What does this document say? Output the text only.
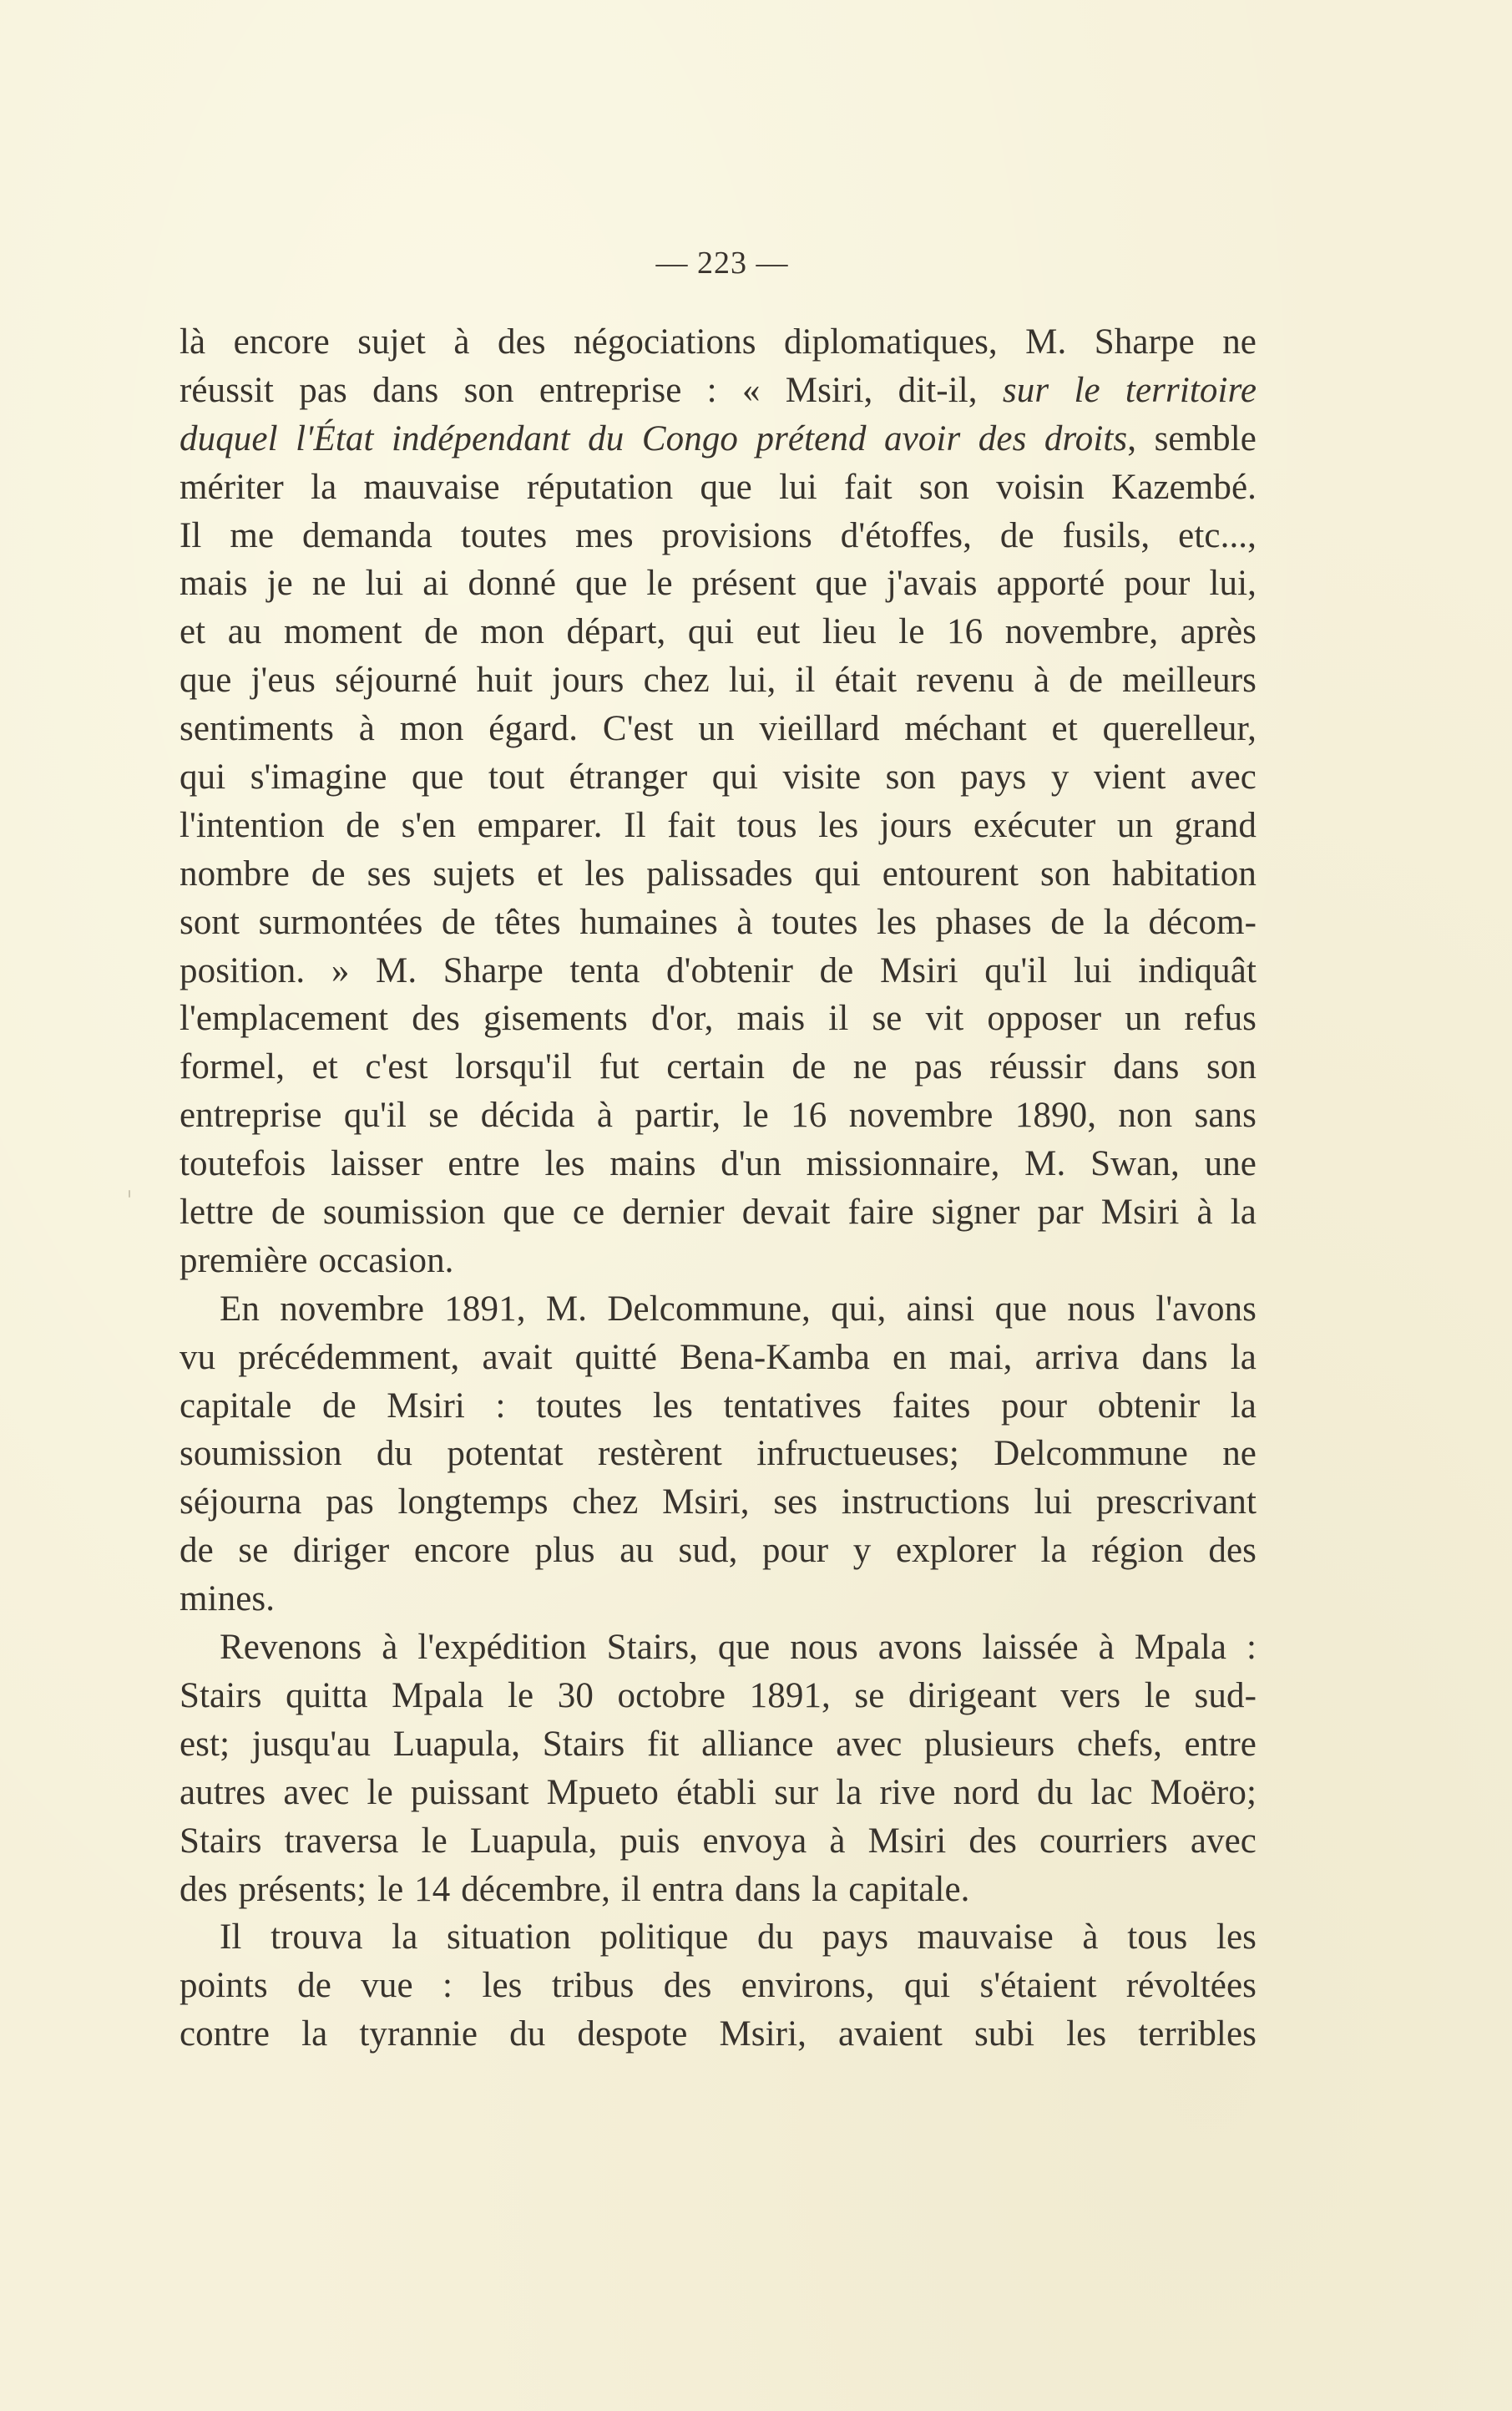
— 223 —
là encore sujet à des négociations diplomatiques, M. Sharpe ne
réussit pas dans son entreprise : « Msiri, dit-il, sur le territoire
duquel l'État indépendant du Congo prétend avoir des droits, semble
mériter la mauvaise réputation que lui fait son voisin Kazembé.
Il me demanda toutes mes provisions d'étoffes, de fusils, etc...,
mais je ne lui ai donné que le présent que j'avais apporté pour lui,
et au moment de mon départ, qui eut lieu le 16 novembre, après
que j'eus séjourné huit jours chez lui, il était revenu à de meilleurs
sentiments à mon égard. C'est un vieillard méchant et querelleur,
qui s'imagine que tout étranger qui visite son pays y vient avec
l'intention de s'en emparer. Il fait tous les jours exécuter un grand
nombre de ses sujets et les palissades qui entourent son habitation
sont surmontées de têtes humaines à toutes les phases de la décom-
position. » M. Sharpe tenta d'obtenir de Msiri qu'il lui indiquât
l'emplacement des gisements d'or, mais il se vit opposer un refus
formel, et c'est lorsqu'il fut certain de ne pas réussir dans son
entreprise qu'il se décida à partir, le 16 novembre 1890, non sans
toutefois laisser entre les mains d'un missionnaire, M. Swan, une
lettre de soumission que ce dernier devait faire signer par Msiri à la
première occasion.
En novembre 1891, M. Delcommune, qui, ainsi que nous l'avons
vu précédemment, avait quitté Bena-Kamba en mai, arriva dans la
capitale de Msiri : toutes les tentatives faites pour obtenir la
soumission du potentat restèrent infructueuses; Delcommune ne
séjourna pas longtemps chez Msiri, ses instructions lui prescrivant
de se diriger encore plus au sud, pour y explorer la région des
mines.
Revenons à l'expédition Stairs, que nous avons laissée à Mpala :
Stairs quitta Mpala le 30 octobre 1891, se dirigeant vers le sud-
est; jusqu'au Luapula, Stairs fit alliance avec plusieurs chefs, entre
autres avec le puissant Mpueto établi sur la rive nord du lac Moëro;
Stairs traversa le Luapula, puis envoya à Msiri des courriers avec
des présents; le 14 décembre, il entra dans la capitale.
Il trouva la situation politique du pays mauvaise à tous les
points de vue : les tribus des environs, qui s'étaient révoltées
contre la tyrannie du despote Msiri, avaient subi les terribles
